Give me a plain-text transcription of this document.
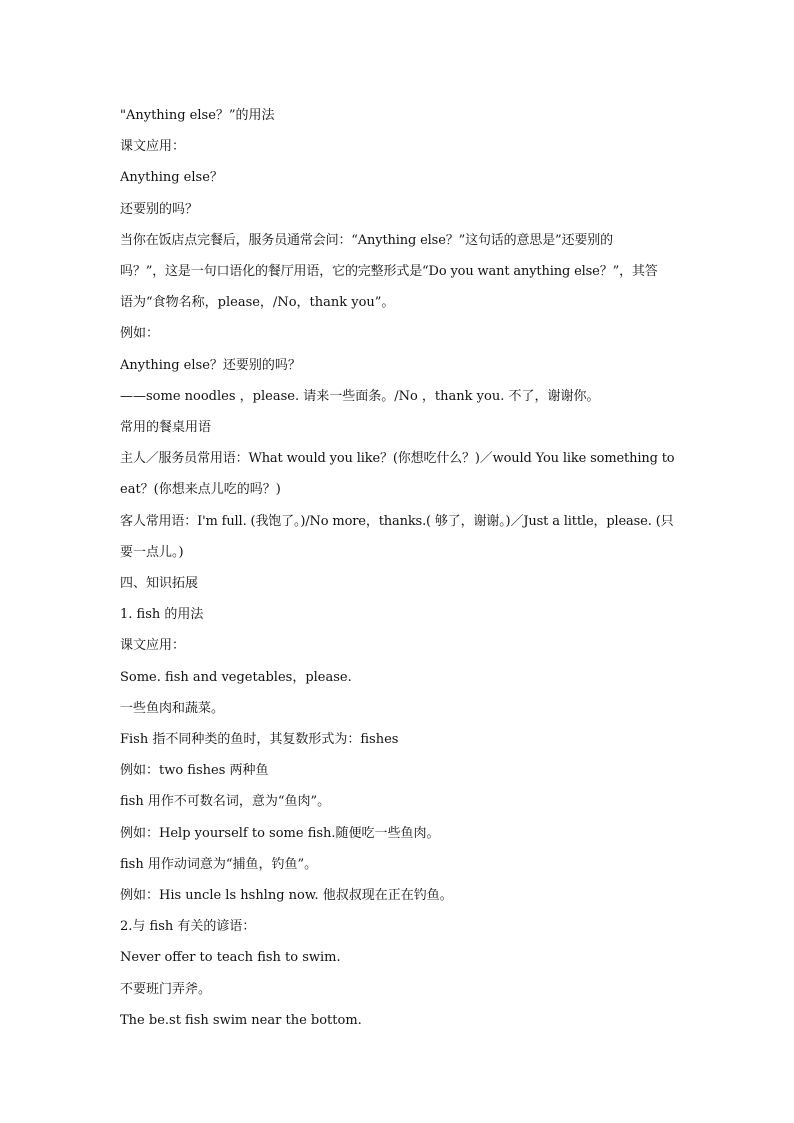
"Anything else？”的用法
课文应用：
Anything else？
还要别的吗？
当你在饭店点完餐后，服务员通常会问：“Anything else？”这句话的意思是”还要别的
吗？”，这是一句口语化的餐厅用语，它的完整形式是“Do you want anything else？”，其答
语为“食物名称，please，/No，thank you”。
例如：
Anything else？还要别的吗？
——some noodles ，please. 请来一些面条。/No ，thank you. 不了，谢谢你。
常用的餐桌用语
主人／服务员常用语：What would you like？(你想吃什么？)／would You like something to
eat？(你想来点儿吃的吗？)
客人常用语：I'm full. (我饱了。)/No more，thanks.( 够了，谢谢。)／Just a little，please. (只
要一点儿。)
四、知识拓展
1. fish 的用法
课文应用：
Some. fish and vegetables，please.
一些鱼肉和蔬菜。
Fish 指不同种类的鱼时，其复数形式为：fishes
例如：two fishes 两种鱼
fish 用作不可数名词，意为“鱼肉”。
例如：Help yourself to some fish.随便吃一些鱼肉。
fish 用作动词意为“捕鱼，钓鱼”。
例如：His uncle ls hshlng now. 他叔叔现在正在钓鱼。
2.与 fish 有关的谚语：
Never offer to teach fish to swim.
不要班门弄斧。
The be.st fish swim near the bottom.
